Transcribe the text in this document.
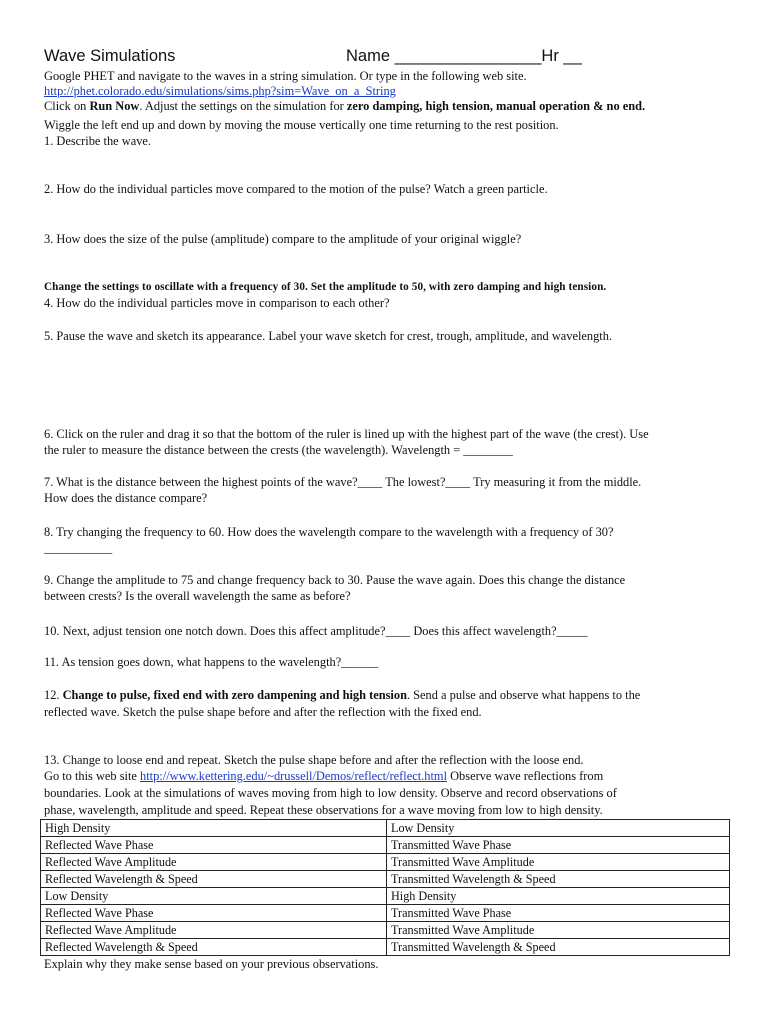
Wave Simulations	Name ________________Hr __
Google PHET and navigate to the waves in a string simulation. Or type in the following web site.
http://phet.colorado.edu/simulations/sims.php?sim=Wave_on_a_String
Click on Run Now. Adjust the settings on the simulation for zero damping, high tension, manual operation & no end.
Wiggle the left end up and down by moving the mouse vertically one time returning to the rest position.
1. Describe the wave.
2. How do the individual particles move compared to the motion of the pulse? Watch a green particle.
3. How does the size of the pulse (amplitude) compare to the amplitude of your original wiggle?
Change the settings to oscillate with a frequency of 30. Set the amplitude to 50, with zero damping and high tension.
4. How do the individual particles move in comparison to each other?
5. Pause the wave and sketch its appearance. Label your wave sketch for crest, trough, amplitude, and wavelength.
6. Click on the ruler and drag it so that the bottom of the ruler is lined up with the highest part of the wave (the crest). Use
the ruler to measure the distance between the crests (the wavelength). Wavelength = ________
7. What is the distance between the highest points of the wave?____ The lowest?____ Try measuring it from the middle.
How does the distance compare?
8. Try changing the frequency to 60. How does the wavelength compare to the wavelength with a frequency of 30?
___________
9. Change the amplitude to 75 and change frequency back to 30. Pause the wave again. Does this change the distance
between crests? Is the overall wavelength the same as before?
10. Next, adjust tension one notch down. Does this affect amplitude?____ Does this affect wavelength?_____
11. As tension goes down, what happens to the wavelength?______
12. Change to pulse, fixed end with zero dampening and high tension. Send a pulse and observe what happens to the
reflected wave. Sketch the pulse shape before and after the reflection with the fixed end.
13. Change to loose end and repeat. Sketch the pulse shape before and after the reflection with the loose end.
Go to this web site http://www.kettering.edu/~drussell/Demos/reflect/reflect.html Observe wave reflections from
boundaries. Look at the simulations of waves moving from high to low density. Observe and record observations of
phase, wavelength, amplitude and speed. Repeat these observations for a wave moving from low to high density.
High Density	Low Density
Reflected Wave Phase	Transmitted Wave Phase
Reflected Wave Amplitude	Transmitted Wave Amplitude
Reflected Wavelength & Speed	Transmitted Wavelength & Speed
Low Density	High Density
Reflected Wave Phase	Transmitted Wave Phase
Reflected Wave Amplitude	Transmitted Wave Amplitude
Reflected Wavelength & Speed	Transmitted Wavelength & Speed
Explain why they make sense based on your previous observations.
